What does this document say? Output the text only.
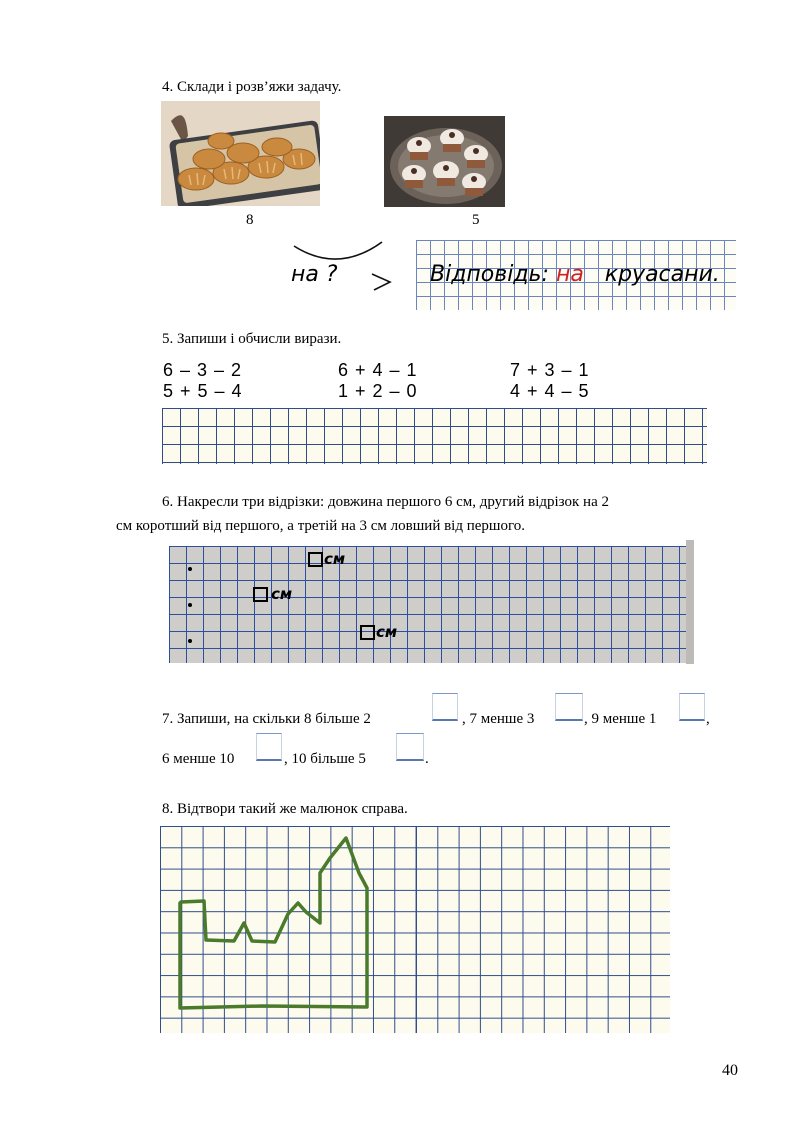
4. Склади і розв’яжи задачу.
8	5
на ?	Відповідь: на круасани.
5. Запиши і обчисли вирази.
6 – 3 – 2	6 + 4 – 1	7 + 3 – 1
5 + 5 – 4	1 + 2 – 0	4 + 4 – 5
6. Накресли три відрізки: довжина першого 6 см, другий відрізок на 2
см коротший від першого, а третій на 3 см ловший від першого.
см
см
см
7. Запиши, на скільки 8 більше 2	, 7 менше 3	, 9 менше 1	,
6 менше 10	, 10 більше 5	.
8. Відтвори такий же малюнок справа.
40
